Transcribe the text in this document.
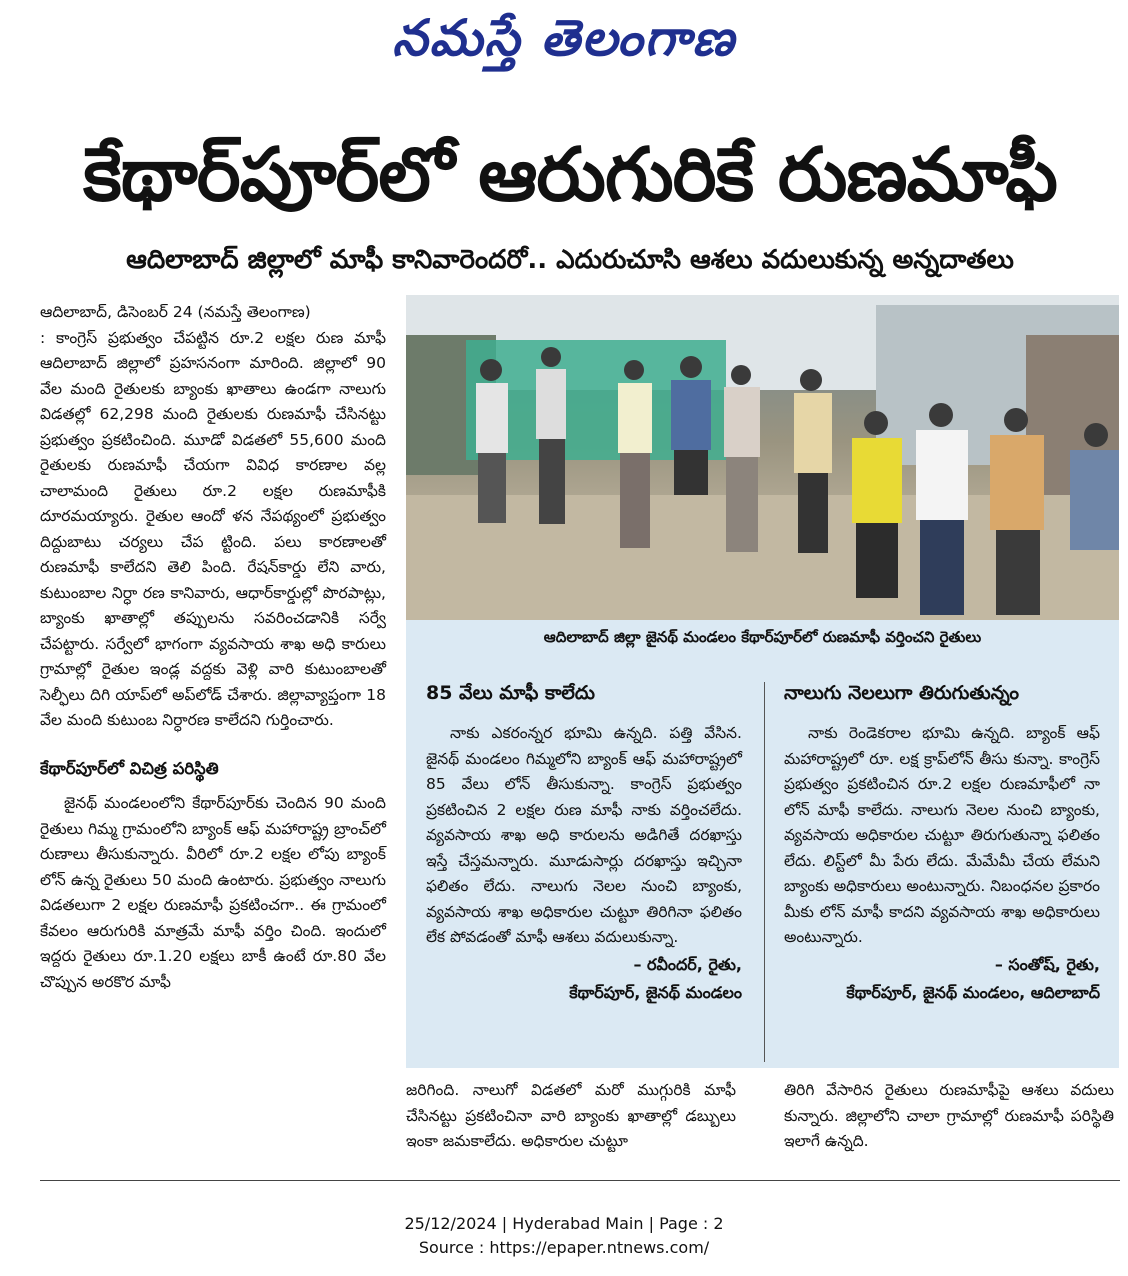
నమస్తే తెలంగాణ
కేథార్‌పూర్‌లో ఆరుగురికే రుణమాఫీ
ఆదిలాబాద్ జిల్లాలో మాఫీ కానివారెందరో.. ఎదురుచూసి ఆశలు వదులుకున్న అన్నదాతలు

ఆదిలాబాద్, డిసెంబర్ 24 (నమస్తే తెలంగాణ)

: కాంగ్రెస్ ప్రభుత్వం చేపట్టిన రూ.2 లక్షల రుణ మాఫీ ఆదిలాబాద్ జిల్లాలో ప్రహసనంగా మారింది. జిల్లాలో 90 వేల మంది రైతులకు బ్యాంకు ఖాతాలు ఉండగా నాలుగు విడతల్లో 62,298 మంది రైతులకు రుణమాఫీ చేసినట్టు ప్రభుత్వం ప్రకటించింది. మూడో విడతలో 55,600 మంది రైతులకు రుణమాఫీ చేయగా వివిధ కారణాల వల్ల చాలామంది రైతులు రూ.2 లక్షల రుణమాఫీకి దూరమయ్యారు. రైతుల ఆందో ళన నేపథ్యంలో ప్రభుత్వం దిద్దుబాటు చర్యలు చేప ట్టింది. పలు కారణాలతో రుణమాఫీ కాలేదని తెలి పింది. రేషన్‌కార్డు లేని వారు, కుటుంబాల నిర్ధా రణ కానివారు, ఆధార్‌కార్డుల్లో పొరపాట్లు, బ్యాంకు ఖాతాల్లో తప్పులను సవరించడానికి సర్వే చేపట్టారు. సర్వేలో భాగంగా వ్యవసాయ శాఖ అధి కారులు గ్రామాల్లో రైతుల ఇండ్ల వద్దకు వెళ్లి వారి కుటుంబాలతో సెల్ఫీలు దిగి యాప్‌లో అప్‌లోడ్ చేశారు. జిల్లావ్యాప్తంగా 18 వేల మంది కుటుంబ నిర్ధారణ కాలేదని గుర్తించారు.

కేథార్‌పూర్‌లో విచిత్ర పరిస్థితి

జైనథ్ మండలంలోని కేథార్‌పూర్‌కు చెందిన 90 మంది రైతులు గిమ్మ గ్రామంలోని బ్యాంక్ ఆఫ్ మహారాష్ట్ర బ్రాంచ్‌లో రుణాలు తీసుకున్నారు. వీరిలో రూ.2 లక్షల లోపు బ్యాంక్ లోన్ ఉన్న రైతులు 50 మంది ఉంటారు. ప్రభుత్వం నాలుగు విడతలుగా 2 లక్షల రుణమాఫీ ప్రకటించగా.. ఈ గ్రామంలో కేవలం ఆరుగురికి మాత్రమే మాఫీ వర్తిం చింది. ఇందులో ఇద్దరు రైతులు రూ.1.20 లక్షలు బాకీ ఉంటే రూ.80 వేల చొప్పున అరకొర మాఫీ

ఆదిలాబాద్ జిల్లా జైనథ్ మండలం కేథార్‌పూర్‌లో రుణమాఫీ వర్తించని రైతులు
85 వేలు మాఫీ కాలేదు
నాకు ఎకరంన్నర భూమి ఉన్నది. పత్తి వేసిన. జైనథ్ మండలం గిమ్మలోని బ్యాంక్ ఆఫ్ మహారాష్ట్రలో 85 వేలు లోన్ తీసుకున్నా. కాంగ్రెస్ ప్రభుత్వం ప్రకటించిన 2 లక్షల రుణ మాఫీ నాకు వర్తించలేదు. వ్యవసాయ శాఖ అధి కారులను అడిగితే దరఖాస్తు ఇస్తే చేస్తమన్నారు. మూడుసార్లు దరఖాస్తు ఇచ్చినా ఫలితం లేదు. నాలుగు నెలల నుంచి బ్యాంకు, వ్యవసాయ శాఖ అధికారుల చుట్టూ తిరిగినా ఫలితం లేక పోవడంతో మాఫీ ఆశలు వదులుకున్నా.
– రవీందర్, రైతు,
కేథార్‌పూర్, జైనథ్ మండలం
నాలుగు నెలలుగా తిరుగుతున్నం
నాకు రెండెకరాల భూమి ఉన్నది. బ్యాంక్ ఆఫ్ మహారాష్ట్రలో రూ. లక్ష క్రాప్‌లోన్ తీసు కున్నా. కాంగ్రెస్ ప్రభుత్వం ప్రకటించిన రూ.2 లక్షల రుణమాఫీలో నా లోన్ మాఫీ కాలేదు. నాలుగు నెలల నుంచి బ్యాంకు, వ్యవసాయ అధికారుల చుట్టూ తిరుగుతున్నా ఫలితం లేదు. లిస్ట్‌లో మీ పేరు లేదు. మేమేమీ చేయ లేమని బ్యాంకు అధికారులు అంటున్నారు. నిబంధనల ప్రకారం మీకు లోన్ మాఫీ కాదని వ్యవసాయ శాఖ అధికారులు అంటున్నారు.
– సంతోష్, రైతు,
కేథార్‌పూర్, జైనథ్ మండలం, ఆదిలాబాద్
జరిగింది. నాలుగో విడతలో మరో ముగ్గురికి మాఫీ చేసినట్టు ప్రకటించినా వారి బ్యాంకు ఖాతాల్లో డబ్బులు ఇంకా జమకాలేదు. అధికారుల చుట్టూ
తిరిగి వేసారిన రైతులు రుణమాఫీపై ఆశలు వదులు కున్నారు. జిల్లాలోని చాలా గ్రామాల్లో రుణమాఫీ పరిస్థితి ఇలాగే ఉన్నది.
25/12/2024 | Hyderabad Main | Page : 2
Source : https://epaper.ntnews.com/
